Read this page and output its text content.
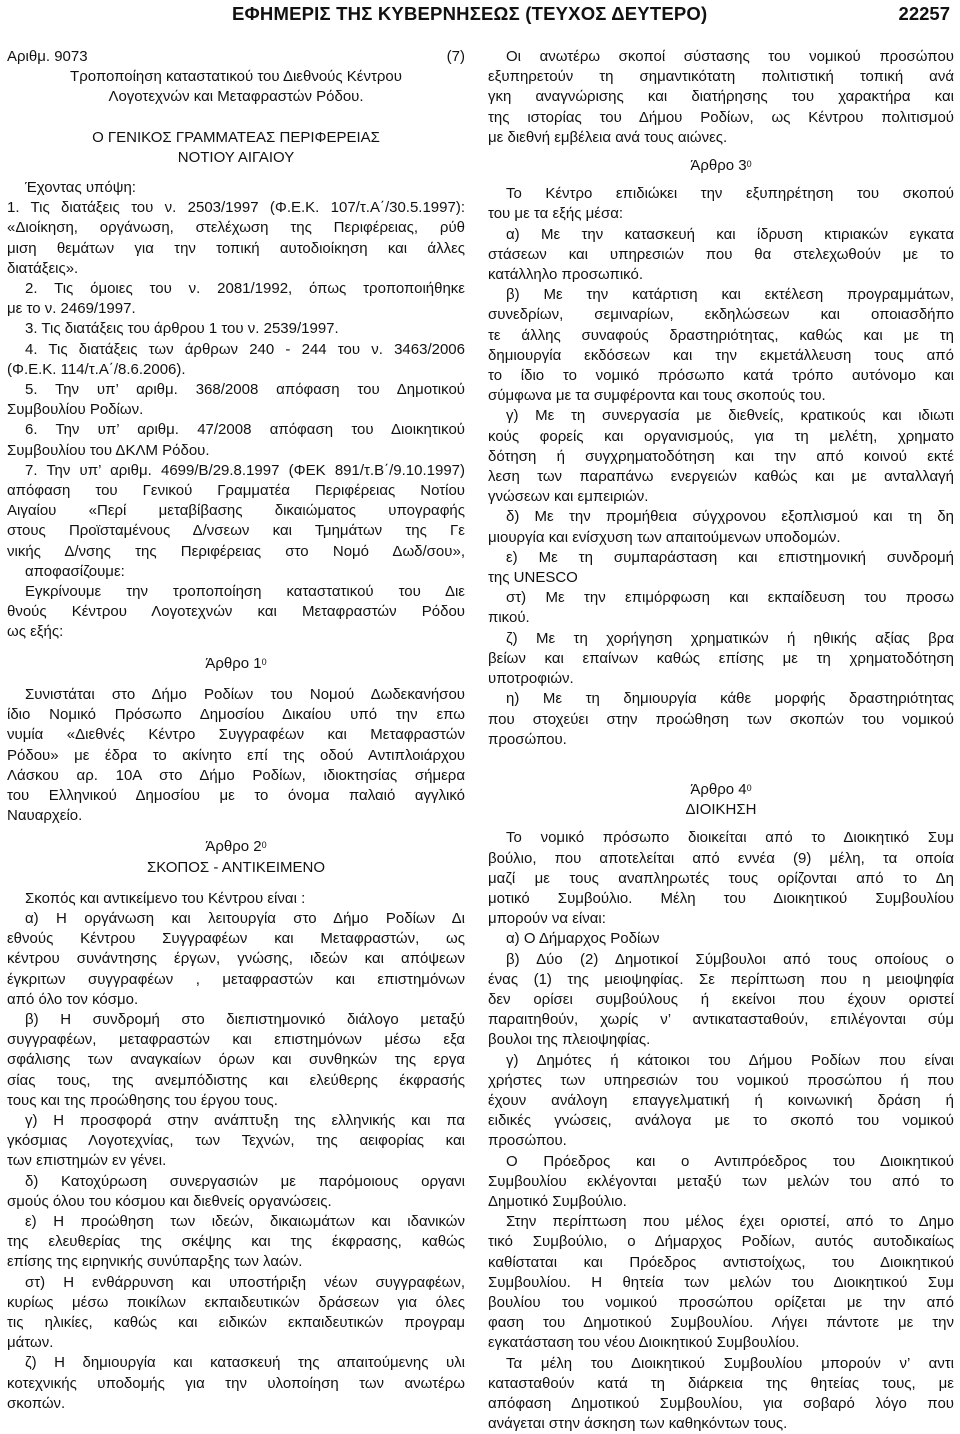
ΕΦΗΜΕΡΙΣ ΤΗΣ ΚΥΒΕΡΝΗΣΕΩΣ (ΤΕΥΧΟΣ ΔΕΥΤΕΡΟ)	22257
Αριθμ. 9073	(7)

Τροποποίηση καταστατικού του Διεθνούς Κέντρου

Λογοτεχνών και Μεταφραστών Ρόδου.

Ο ΓΕΝΙΚΟΣ ΓΡΑΜΜΑΤΕΑΣ ΠΕΡΙΦΕΡΕΙΑΣ

ΝΟΤΙΟΥ ΑΙΓΑΙΟΥ

Έχοντας υπόψη:

1. Τις διατάξεις του ν. 2503/1997 (Φ.Ε.Κ. 107/τ.Α΄/30.5.1997):

«Διοίκηση, οργάνωση, στελέχωση της Περιφέρειας, ρύθ

μιση θεμάτων για την τοπική αυτοδιοίκηση και άλλες

διατάξεις».

2. Τις όμοιες του ν. 2081/1992, όπως τροποποιήθηκε

με το ν. 2469/1997.

3. Τις διατάξεις του άρθρου 1 του ν. 2539/1997.

4. Τις διατάξεις των άρθρων 240 - 244 του ν. 3463/2006

(Φ.Ε.Κ. 114/τ.Α΄/8.6.2006).

5. Την υπ’ αριθμ. 368/2008 απόφαση του Δημοτικού

Συμβουλίου Ροδίων.

6. Την υπ’ αριθμ. 47/2008 απόφαση του Διοικητικού

Συμβουλίου του ΔΚΛΜ Ρόδου.

7. Την υπ’ αριθμ. 4699/Β/29.8.1997 (ΦΕΚ 891/τ.Β΄/9.10.1997)

απόφαση του Γενικού Γραμματέα Περιφέρειας Νοτίου

Αιγαίου «Περί μεταβίβασης δικαιώματος υπογραφής

στους Προϊσταμένους Δ/νσεων και Τμημάτων της Γε

νικής Δ/νσης της Περιφέρειας στο Νομό Δωδ/σου»,

αποφασίζουμε:

Εγκρίνουμε την τροποποίηση καταστατικού του Διε

θνούς Κέντρου Λογοτεχνών και Μεταφραστών Ρόδου

ως εξής:

Άρθρο $1^0$

Συνιστάται στο Δήμο Ροδίων του Νομού Δωδεκανήσου

ίδιο Νομικό Πρόσωπο Δημοσίου Δικαίου υπό την επω

νυμία «Διεθνές Κέντρο Συγγραφέων και Μεταφραστών

Ρόδου» με έδρα το ακίνητο επί της οδού Αντιπλοιάρχου

Λάσκου αρ. 10Α στο Δήμο Ροδίων, ιδιοκτησίας σήμερα

του Ελληνικού Δημοσίου με το όνομα παλαιό αγγλικό

Ναυαρχείο.

Άρθρο $2^0$

ΣΚΟΠΟΣ - ΑΝΤΙΚΕΙΜΕΝΟ

Σκοπός και αντικείμενο του Κέντρου είναι :

α) Η οργάνωση και λειτουργία στο Δήμο Ροδίων Δι

εθνούς Κέντρου Συγγραφέων και Μεταφραστών, ως

κέντρου συνάντησης έργων, γνώσης, ιδεών και απόψεων

έγκριτων συγγραφέων , μεταφραστών και επιστημόνων

από όλο τον κόσμο.

β) Η συνδρομή στο διεπιστημονικό διάλογο μεταξύ

συγγραφέων, μεταφραστών και επιστημόνων μέσω εξα

σφάλισης των αναγκαίων όρων και συνθηκών της εργα

σίας τους, της ανεμπόδιστης και ελεύθερης έκφρασής

τους και της προώθησης του έργου τους.

γ) Η προσφορά στην ανάπτυξη της ελληνικής και πα

γκόσμιας Λογοτεχνίας, των Τεχνών, της αειφορίας και

των επιστημών εν γένει.

δ) Κατοχύρωση συνεργασιών με παρόμοιους οργανι

σμούς όλου του κόσμου και διεθνείς οργανώσεις.

ε) Η προώθηση των ιδεών, δικαιωμάτων και ιδανικών

της ελευθερίας της σκέψης και της έκφρασης, καθώς

επίσης της ειρηνικής συνύπαρξης των λαών.

στ) Η ενθάρρυνση και υποστήριξη νέων συγγραφέων,

κυρίως μέσω ποικίλων εκπαιδευτικών δράσεων για όλες

τις ηλικίες, καθώς και ειδικών εκπαιδευτικών προγραμ

μάτων.

ζ) Η δημιουργία και κατασκευή της απαιτούμενης υλι

κοτεχνικής υποδομής για την υλοποίηση των ανωτέρω

σκοπών.

Οι ανωτέρω σκοποί σύστασης του νομικού προσώπου

εξυπηρετούν τη σημαντικότατη πολιτιστική τοπική ανά

γκη αναγνώρισης και διατήρησης του χαρακτήρα και

της ιστορίας του Δήμου Ροδίων, ως Κέντρου πολιτισμού

με διεθνή εμβέλεια ανά τους αιώνες.

Άρθρο $3^0$

Το Κέντρο επιδιώκει την εξυπηρέτηση του σκοπού

του με τα εξής μέσα:

α) Με την κατασκευή και ίδρυση κτιριακών εγκατα

στάσεων και υπηρεσιών που θα στελεχωθούν με το

κατάλληλο προσωπικό.

β) Με την κατάρτιση και εκτέλεση προγραμμάτων,

συνεδρίων, σεμιναρίων, εκδηλώσεων και οποιασδήπο

τε άλλης συναφούς δραστηριότητας, καθώς και με τη

δημιουργία εκδόσεων και την εκμετάλλευση τους από

το ίδιο το νομικό πρόσωπο κατά τρόπο αυτόνομο και

σύμφωνα με τα συμφέροντα και τους σκοπούς του.

γ) Με τη συνεργασία με διεθνείς, κρατικούς και ιδιωτι

κούς φορείς και οργανισμούς, για τη μελέτη, χρηματο

δότηση ή συγχρηματοδότηση και την από κοινού εκτέ

λεση των παραπάνω ενεργειών καθώς και με ανταλλαγή

γνώσεων και εμπειριών.

δ) Με την προμήθεια σύγχρονου εξοπλισμού και τη δη

μιουργία και ενίσχυση των απαιτούμενων υποδομών.

ε) Με τη συμπαράσταση και επιστημονική συνδρομή

της UNESCO

στ) Με την επιμόρφωση και εκπαίδευση του προσω

πικού.

ζ) Με τη χορήγηση χρηματικών ή ηθικής αξίας βρα

βείων και επαίνων καθώς επίσης με τη χρηματοδότηση

υποτροφιών.

η) Με τη δημιουργία κάθε μορφής δραστηριότητας

που στοχεύει στην προώθηση των σκοπών του νομικού

προσώπου.

Άρθρο $4^0$

ΔΙΟΙΚΗΣΗ

Το νομικό πρόσωπο διοικείται από το Διοικητικό Συμ

βούλιο, που αποτελείται από εννέα (9) μέλη, τα οποία

μαζί με τους αναπληρωτές τους ορίζονται από το Δη

μοτικό Συμβούλιο. Μέλη του Διοικητικού Συμβουλίου

μπορούν να είναι:

α) Ο Δήμαρχος Ροδίων

β) Δύο (2) Δημοτικοί Σύμβουλοι από τους οποίους ο

ένας (1) της μειοψηφίας. Σε περίπτωση που η μειοψηφία

δεν ορίσει συμβούλους ή εκείνοι που έχουν οριστεί

παραιτηθούν, χωρίς ν’ αντικατασταθούν, επιλέγονται σύμ

βουλοι της πλειοψηφίας.

γ) Δημότες ή κάτοικοι του Δήμου Ροδίων που είναι

χρήστες των υπηρεσιών του νομικού προσώπου ή που

έχουν ανάλογη επαγγελματική ή κοινωνική δράση ή

ειδικές γνώσεις, ανάλογα με το σκοπό του νομικού

προσώπου.

Ο Πρόεδρος και ο Αντιπρόεδρος του Διοικητικού

Συμβουλίου εκλέγονται μεταξύ των μελών του από το

Δημοτικό Συμβούλιο.

Στην περίπτωση που μέλος έχει οριστεί, από το Δημο

τικό Συμβούλιο, ο Δήμαρχος Ροδίων, αυτός αυτοδικαίως

καθίσταται και Πρόεδρος αντιστοίχως, του Διοικητικού

Συμβουλίου. Η θητεία των μελών του Διοικητικού Συμ

βουλίου του νομικού προσώπου ορίζεται με την από

φαση του Δημοτικού Συμβουλίου. Λήγει πάντοτε με την

εγκατάσταση του νέου Διοικητικού Συμβουλίου.

Τα μέλη του Διοικητικού Συμβουλίου μπορούν ν’ αντι

κατασταθούν κατά τη διάρκεια της θητείας τους, με

απόφαση Δημοτικού Συμβουλίου, για σοβαρό λόγο που

ανάγεται στην άσκηση των καθηκόντων τους.
